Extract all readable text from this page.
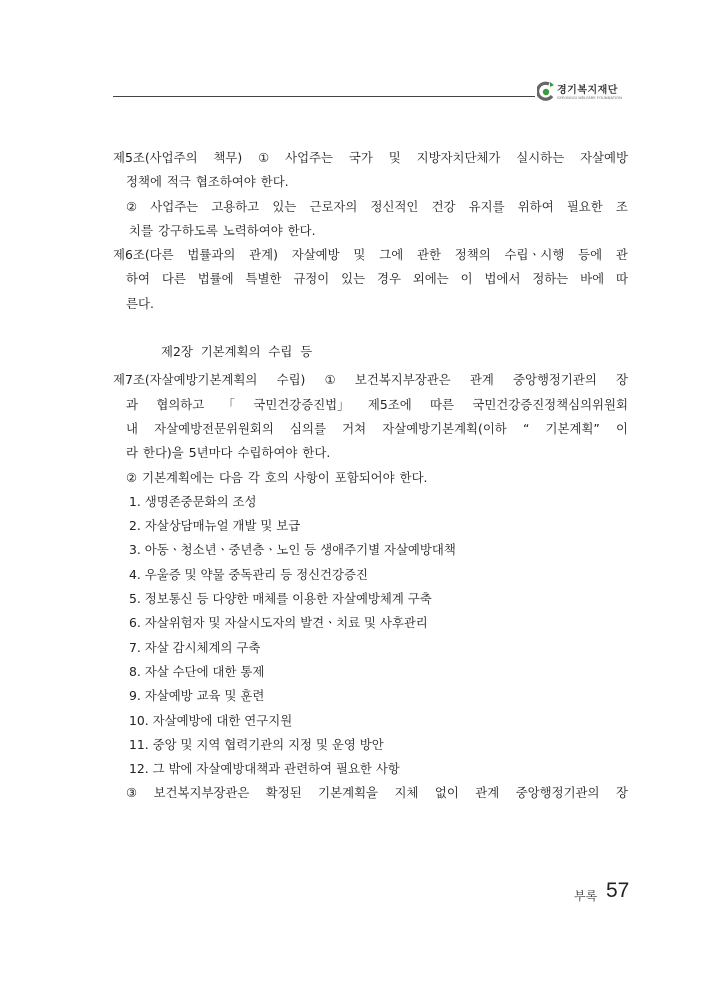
경기복지재단
GYEONGGI WELFARE FOUNDATION
제5조(사업주의 책무) ① 사업주는 국가 및 지방자치단체가 실시하는 자살예방
정책에 적극 협조하여야 한다.
② 사업주는 고용하고 있는 근로자의 정신적인 건강 유지를 위하여 필요한 조
치를 강구하도록 노력하여야 한다.
제6조(다른 법률과의 관계) 자살예방 및 그에 관한 정책의 수립ㆍ시행 등에 관
하여 다른 법률에 특별한 규정이 있는 경우 외에는 이 법에서 정하는 바에 따
른다.
제2장  기본계획의  수립  등
제7조(자살예방기본계획의 수립) ① 보건복지부장관은 관계 중앙행정기관의 장
과 협의하고 「 국민건강증진법」 제5조에 따른 국민건강증진정책심의위원회
내 자살예방전문위원회의 심의를 거쳐 자살예방기본계획(이하 “ 기본계획” 이
라 한다)을 5년마다 수립하여야 한다.
② 기본계획에는 다음 각 호의 사항이 포함되어야 한다.
1. 생명존중문화의 조성
2. 자살상담매뉴얼 개발 및 보급
3. 아동ㆍ청소년ㆍ중년층ㆍ노인 등 생애주기별 자살예방대책
4. 우울증 및 약물 중독관리 등 정신건강증진
5. 정보통신 등 다양한 매체를 이용한 자살예방체계 구축
6. 자살위험자 및 자살시도자의 발견ㆍ치료 및 사후관리
7. 자살 감시체계의 구축
8. 자살 수단에 대한 통제
9. 자살예방 교육 및 훈련
10. 자살예방에 대한 연구지원
11. 중앙 및 지역 협력기관의 지정 및 운영 방안
12. 그 밖에 자살예방대책과 관련하여 필요한 사항
③ 보건복지부장관은 확정된 기본계획을 지체 없이 관계 중앙행정기관의 장
부록 57
